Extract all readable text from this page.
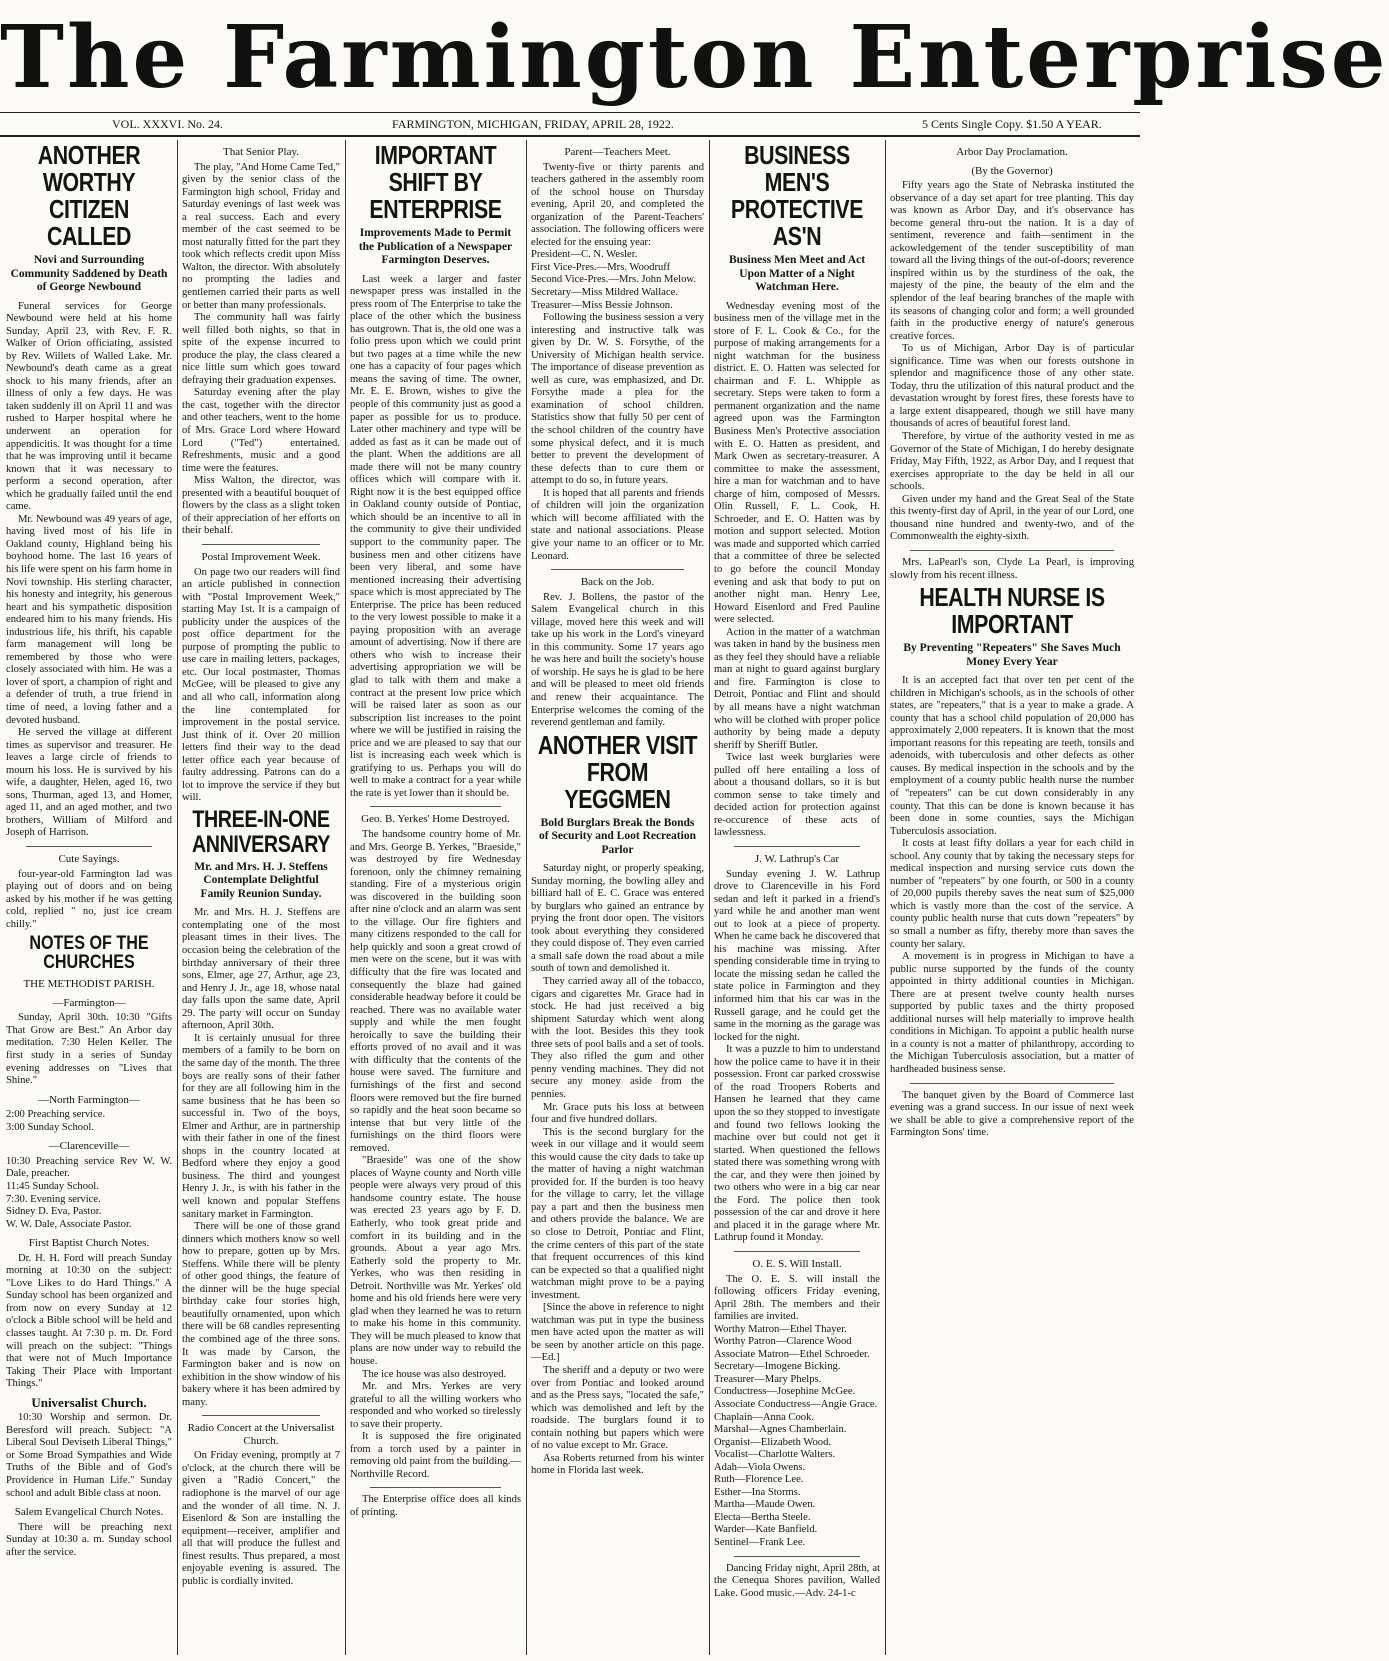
The Farmington Enterprise
VOL. XXXVI. No. 24.	FARMINGTON, MICHIGAN, FRIDAY, APRIL 28, 1922.	5 Cents Single Copy. $1.50 A YEAR.
ANOTHER WORTHY CITIZEN CALLED
Novi and Surrounding Community Saddened by Death of George Newbound

Funeral services for George Newbound were held at his home Sunday, April 23, with Rev. F. R. Walker of Orion officiating, assisted by Rev. Willets of Walled Lake. Mr. Newbound's death came as a great shock to his many friends, after an illness of only a few days. He was taken suddenly ill on April 11 and was rushed to Harper hospital where he underwent an operation for appendicitis. It was thought for a time that he was improving until it became known that it was necessary to perform a second operation, after which he gradually failed until the end came.

Mr. Newbound was 49 years of age, having lived most of his life in Oakland county, Highland being his boyhood home. The last 16 years of his life were spent on his farm home in Novi township. His sterling character, his honesty and integrity, his generous heart and his sympathetic disposition endeared him to his many friends. His industrious life, his thrift, his capable farm management will long be remembered by those who were closely associated with him. He was a lover of sport, a champion of right and a defender of truth, a true friend in time of need, a loving father and a devoted husband.

He served the village at different times as supervisor and treasurer. He leaves a large circle of friends to mourn his loss. He is survived by his wife, a daughter, Helen, aged 16, two sons, Thurman, aged 13, and Homer, aged 11, and an aged mother, and two brothers, William of Milford and Joseph of Harrison.

Cute Sayings.

four-year-old Farmington lad was playing out of doors and on being asked by his mother if he was getting cold, replied " no, just ice cream chilly."

NOTES OF THE CHURCHES
THE METHODIST PARISH.
—Farmington—

Sunday, April 30th. 10:30 "Gifts That Grow are Best." An Arbor day meditation. 7:30 Helen Keller. The first study in a series of Sunday evening addresses on "Lives that Shine."

—North Farmington—
2:00 Preaching service.
3:00 Sunday School.
—Clarenceville—
10:30 Preaching service Rev W. W. Dale, preacher.
11:45 Sunday School.
7:30. Evening service.
Sidney D. Eva, Pastor.
W. W. Dale, Associate Pastor.
First Baptist Church Notes.

Dr. H. H. Ford will preach Sunday morning at 10:30 on the subject: "Love Likes to do Hard Things." A Sunday school has been organized and from now on every Sunday at 12 o'clock a Bible school will be held and classes taught. At 7:30 p. m. Dr. Ford will preach on the subject: "Things that were not of Much Importance Taking Their Place with Important Things."

Universalist Church.

10:30 Worship and sermon. Dr. Beresford will preach. Subject: "A Liberal Soul Deviseth Liberal Things," or Some Broad Sympathies and Wide Truths of the Bible and of God's Providence in Human Life." Sunday school and adult Bible class at noon.

Salem Evangelical Church Notes.

There will be preaching next Sunday at 10:30 a. m. Sunday school after the service.

That Senior Play.

The play, "And Home Came Ted," given by the senior class of the Farmington high school, Friday and Saturday evenings of last week was a real success. Each and every member of the cast seemed to be most naturally fitted for the part they took which reflects credit upon Miss Walton, the director. With absolutely no prompting the ladies and gentlemen carried their parts as well or better than many professionals.

The community hall was fairly well filled both nights, so that in spite of the expense incurred to produce the play, the class cleared a nice little sum which goes toward defraying their graduation expenses.

Saturday evening after the play the cast, together with the director and other teachers, went to the home of Mrs. Grace Lord where Howard Lord ("Ted") entertained. Refreshments, music and a good time were the features.

Miss Walton, the director, was presented with a beautiful bouquet of flowers by the class as a slight token of their appreciation of her efforts on their behalf.

Postal Improvement Week.

On page two our readers will find an article published in connection with "Postal Improvement Week," starting May 1st. It is a campaign of publicity under the auspices of the post office department for the purpose of prompting the public to use care in mailing letters, packages, etc. Our local postmaster, Thomas McGee, will be pleased to give any and all who call, information along the line contemplated for improvement in the postal service. Just think of it. Over 20 million letters find their way to the dead letter office each year because of faulty addressing. Patrons can do a lot to improve the service if they but will.

THREE-IN-ONE ANNIVERSARY
Mr. and Mrs. H. J. Steffens Contemplate Delightful Family Reunion Sunday.

Mr. and Mrs. H. J. Steffens are contemplating one of the most pleasant times in their lives. The occasion being the celebration of the birthday anniversary of their three sons, Elmer, age 27, Arthur, age 23, and Henry J. Jr., age 18, whose natal day falls upon the same date, April 29. The party will occur on Sunday afternoon, April 30th.

It is certainly unusual for three members of a family to be born on the same day of the month. The three boys are really sons of their father for they are all following him in the same business that he has been so successful in. Two of the boys, Elmer and Arthur, are in partnership with their father in one of the finest shops in the country located at Bedford where they enjoy a good business. The third and youngest Henry J. Jr., is with his father in the well known and popular Steffens sanitary market in Farmington.

There will be one of those grand dinners which mothers know so well how to prepare, gotten up by Mrs. Steffens. While there will be plenty of other good things, the feature of the dinner will be the huge special birthday cake four stories high, beautifully ornamented, upon which there will be 68 candles representing the combined age of the three sons. It was made by Carson, the Farmington baker and is now on exhibition in the show window of his bakery where it has been admired by many.

Radio Concert at the Universalist Church.

On Friday evening, promptly at 7 o'clock, at the church there will be given a "Radio Concert," the radiophone is the marvel of our age and the wonder of all time. N. J. Eisenlord & Son are installing the equipment—receiver, amplifier and all that will produce the fullest and finest results. Thus prepared, a most enjoyable evening is assured. The public is cordially invited.

IMPORTANT SHIFT BY ENTERPRISE
Improvements Made to Permit the Publication of a Newspaper Farmington Deserves.

Last week a larger and faster newspaper press was installed in the press room of The Enterprise to take the place of the other which the business has outgrown. That is, the old one was a folio press upon which we could print but two pages at a time while the new one has a capacity of four pages which means the saving of time. The owner, Mr. E. E. Brown, wishes to give the people of this community just as good a paper as possible for us to produce. Later other machinery and type will be added as fast as it can be made out of the plant. When the additions are all made there will not be many country offices which will compare with it. Right now it is the best equipped office in Oakland county outside of Pontiac, which should be an incentive to all in the community to give their undivided support to the community paper. The business men and other citizens have been very liberal, and some have mentioned increasing their advertising space which is most appreciated by The Enterprise. The price has been reduced to the very lowest possible to make it a paying proposition with an average amount of advertising. Now if there are others who wish to increase their advertising appropriation we will be glad to talk with them and make a contract at the present low price which will be raised later as soon as our subscription list increases to the point where we will be justified in raising the price and we are pleased to say that our list is increasing each week which is gratifying to us. Perhaps you will do well to make a contract for a year while the rate is yet lower than it should be.

Geo. B. Yerkes' Home Destroyed.

The handsome country home of Mr. and Mrs. George B. Yerkes, "Braeside," was destroyed by fire Wednesday forenoon, only the chimney remaining standing. Fire of a mysterious origin was discovered in the building soon after nine o'clock and an alarm was sent to the village. Our fire fighters and many citizens responded to the call for help quickly and soon a great crowd of men were on the scene, but it was with difficulty that the fire was located and consequently the blaze had gained considerable headway before it could be reached. There was no available water supply and while the men fought heroically to save the building their efforts proved of no avail and it was with difficulty that the contents of the house were saved. The furniture and furnishings of the first and second floors were removed but the fire burned so rapidly and the heat soon became so intense that but very little of the furnishings on the third floors were removed.

"Braeside" was one of the show places of Wayne county and North ville people were always very proud of this handsome country estate. The house was erected 23 years ago by F. D. Eatherly, who took great pride and comfort in its building and in the grounds. About a year ago Mrs. Eatherly sold the property to Mr. Yerkes, who was then residing in Detroit. Northville was Mr. Yerkes' old home and his old friends here were very glad when they learned he was to return to make his home in this community. They will be much pleased to know that plans are now under way to rebuild the house.

The ice house was also destroyed.

Mr. and Mrs. Yerkes are very grateful to all the willing workers who responded and who worked so tirelessly to save their property.

It is supposed the fire originated from a torch used by a painter in removing old paint from the building.—Northville Record.

The Enterprise office does all kinds of printing.

Parent—Teachers Meet.

Twenty-five or thirty parents and teachers gathered in the assembly room of the school house on Thursday evening, April 20, and completed the organization of the Parent-Teachers' association. The following officers were elected for the ensuing year:

President—C. N. Wesler.
First Vice-Pres.—Mrs. Woodruff
Second Vice-Pres.—Mrs. John Melow.
Secretary—Miss Mildred Wallace.
Treasurer—Miss Bessie Johnson.

Following the business session a very interesting and instructive talk was given by Dr. W. S. Forsythe, of the University of Michigan health service. The importance of disease prevention as well as cure, was emphasized, and Dr. Forsythe made a plea for the examination of school children. Statistics show that fully 50 per cent of the school children of the country have some physical defect, and it is much better to prevent the development of these defects than to cure them or attempt to do so, in future years.

It is hoped that all parents and friends of children will join the organization which will become affiliated with the state and national associations. Please give your name to an officer or to Mr. Leonard.

Back on the Job.

Rev. J. Bollens, the pastor of the Salem Evangelical church in this village, moved here this week and will take up his work in the Lord's vineyard in this community. Some 17 years ago he was here and built the society's house of worship. He says he is glad to be here and will be pleased to meet old friends and renew their acquaintance. The Enterprise welcomes the coming of the reverend gentleman and family.

ANOTHER VISIT FROM YEGGMEN
Bold Burglars Break the Bonds of Security and Loot Recreation Parlor

Saturday night, or properly speaking, Sunday morning, the bowling alley and billiard hall of E. C. Grace was entered by burglars who gained an entrance by prying the front door open. The visitors took about everything they considered they could dispose of. They even carried a small safe down the road about a mile south of town and demolished it.

They carried away all of the tobacco, cigars and cigarettes Mr. Grace had in stock. He had just received a big shipment Saturday which went along with the loot. Besides this they took three sets of pool balls and a set of tools. They also rifled the gum and other penny vending machines. They did not secure any money aside from the pennies.

Mr. Grace puts his loss at between four and five hundred dollars.

This is the second burglary for the week in our village and it would seem this would cause the city dads to take up the matter of having a night watchman provided for. If the burden is too heavy for the village to carry, let the village pay a part and then the business men and others provide the balance. We are so close to Detroit, Pontiac and Flint, the crime centers of this part of the state that frequent occurrences of this kind can be expected so that a qualified night watchman might prove to be a paying investment.

[Since the above in reference to night watchman was put in type the business men have acted upon the matter as will be seen by another article on this page.—Ed.]

The sheriff and a deputy or two were over from Pontiac and looked around and as the Press says, "located the safe," which was demolished and left by the roadside. The burglars found it to contain nothing but papers which were of no value except to Mr. Grace.

Asa Roberts returned from his winter home in Florida last week.

BUSINESS MEN'S PROTECTIVE AS'N
Business Men Meet and Act Upon Matter of a Night Watchman Here.

Wednesday evening most of the business men of the village met in the store of F. L. Cook & Co., for the purpose of making arrangements for a night watchman for the business district. E. O. Hatten was selected for chairman and F. L. Whipple as secretary. Steps were taken to form a permanent organization and the name agreed upon was the Farmington Business Men's Protective association with E. O. Hatten as president, and Mark Owen as secretary-treasurer. A committee to make the assessment, hire a man for watchman and to have charge of him, composed of Messrs. Olin Russell, F. L. Cook, H. Schroeder, and E. O. Hatten was by motion and support selected. Motion was made and supported which carried that a committee of three be selected to go before the council Monday evening and ask that body to put on another night man. Henry Lee, Howard Eisenlord and Fred Pauline were selected.

Action in the matter of a watchman was taken in hand by the business men as they feel they should have a reliable man at night to guard against burglary and fire. Farmington is close to Detroit, Pontiac and Flint and should by all means have a night watchman who will be clothed with proper police authority by being made a deputy sheriff by Sheriff Butler.

Twice last week burglaries were pulled off here entailing a loss of about a thousand dollars, so it is but common sense to take timely and decided action for protection against re-occurence of these acts of lawlessness.

J. W. Lathrup's Car

Sunday evening J. W. Lathrup drove to Clarenceville in his Ford sedan and left it parked in a friend's yard while he and another man went out to look at a piece of property. When he came back he discovered that his machine was missing. After spending considerable time in trying to locate the missing sedan he called the state police in Farmington and they informed him that his car was in the Russell garage, and he could get the same in the morning as the garage was locked for the night.

It was a puzzle to him to understand how the police came to have it in their possession. Front car parked crosswise of the road Troopers Roberts and Hansen he learned that they came upon the so they stopped to investigate and found two fellows looking the machine over but could not get it started. When questioned the fellows stated there was something wrong with the car, and they were then joined by two others who were in a big car near the Ford. The police then took possession of the car and drove it here and placed it in the garage where Mr. Lathrup found it Monday.

O. E. S. Will Install.

The O. E. S. will install the following officers Friday evening, April 28th. The members and their families are invited.

Worthy Matron—Ethel Thayer.
Worthy Patron—Clarence Wood
Associate Matron—Ethel Schroeder.
Secretary—Imogene Bicking.
Treasurer—Mary Phelps.
Conductress—Josephine McGee.
Associate Conductress—Angie Grace.
Chaplain—Anna Cook.
Marshal—Agnes Chamberlain.
Organist—Elizabeth Wood.
Vocalist—Charlotte Walters.
Adah—Viola Owens.
Ruth—Florence Lee.
Esther—Ina Storms.
Martha—Maude Owen.
Electa—Bertha Steele.
Warder—Kate Banfield.
Sentinel—Frank Lee.

Dancing Friday night, April 28th, at the Cenequa Shores pavilion, Walled Lake. Good music.—Adv. 24-1-c

Arbor Day Proclamation.
(By the Governor)

Fifty years ago the State of Nebraska instituted the observance of a day set apart for tree planting. This day was known as Arbor Day, and it's observance has become general thru-out the nation. It is a day of sentiment, reverence and faith—sentiment in the ackowledgement of the tender susceptibility of man toward all the living things of the out-of-doors; reverence inspired within us by the sturdiness of the oak, the majesty of the pine, the beauty of the elm and the splendor of the leaf bearing branches of the maple with its seasons of changing color and form; a well grounded faith in the productive energy of nature's generous creative forces.

To us of Michigan, Arbor Day is of particular significance. Time was when our forests outshone in splendor and magnificence those of any other state. Today, thru the utilization of this natural product and the devastation wrought by forest fires, these forests have to a large extent disappeared, though we still have many thousands of acres of beautiful forest land.

Therefore, by virtue of the authority vested in me as Governor of the State of Michigan, I do hereby designate Friday, May Fifth, 1922, as Arbor Day, and I request that exercises appropriate to the day be held in all our schools.

Given under my hand and the Great Seal of the State this twenty-first day of April, in the year of our Lord, one thousand nine hundred and twenty-two, and of the Commonwealth the eighty-sixth.

Mrs. LaPearl's son, Clyde La Pearl, is improving slowly from his recent illness.

HEALTH NURSE IS IMPORTANT
By Preventing "Repeaters" She Saves Much Money Every Year

It is an accepted fact that over ten per cent of the children in Michigan's schools, as in the schools of other states, are "repeaters," that is a year to make a grade. A county that has a school child population of 20,000 has approximately 2,000 repeaters. It is known that the most important reasons for this repeating are teeth, tonsils and adenoids, with tuberculosis and other defects as other causes. By medical inspection in the schools and by the employment of a county public health nurse the number of "repeaters" can be cut down considerably in any county. That this can be done is known because it has been done in some counties, says the Michigan Tuberculosis association.

It costs at least fifty dollars a year for each child in school. Any county that by taking the necessary steps for medical inspection and nursing service cuts down the number of "repeaters" by one fourth, or 500 in a county of 20,000 pupils thereby saves the neat sum of $25,000 which is vastly more than the cost of the service. A county public health nurse that cuts down "repeaters" by so small a number as fifty, thereby more than saves the county her salary.

A movement is in progress in Michigan to have a public nurse supported by the funds of the county appointed in thirty additional counties in Michigan. There are at present twelve county health nurses supported by public taxes and the thirty proposed additional nurses will help materially to improve health conditions in Michigan. To appoint a public health nurse in a county is not a matter of philanthropy, according to the Michigan Tuberculosis association, but a matter of hardheaded business sense.

The banquet given by the Board of Commerce last evening was a grand success. In our issue of next week we shall be able to give a comprehensive report of the Farmington Sons' time.
